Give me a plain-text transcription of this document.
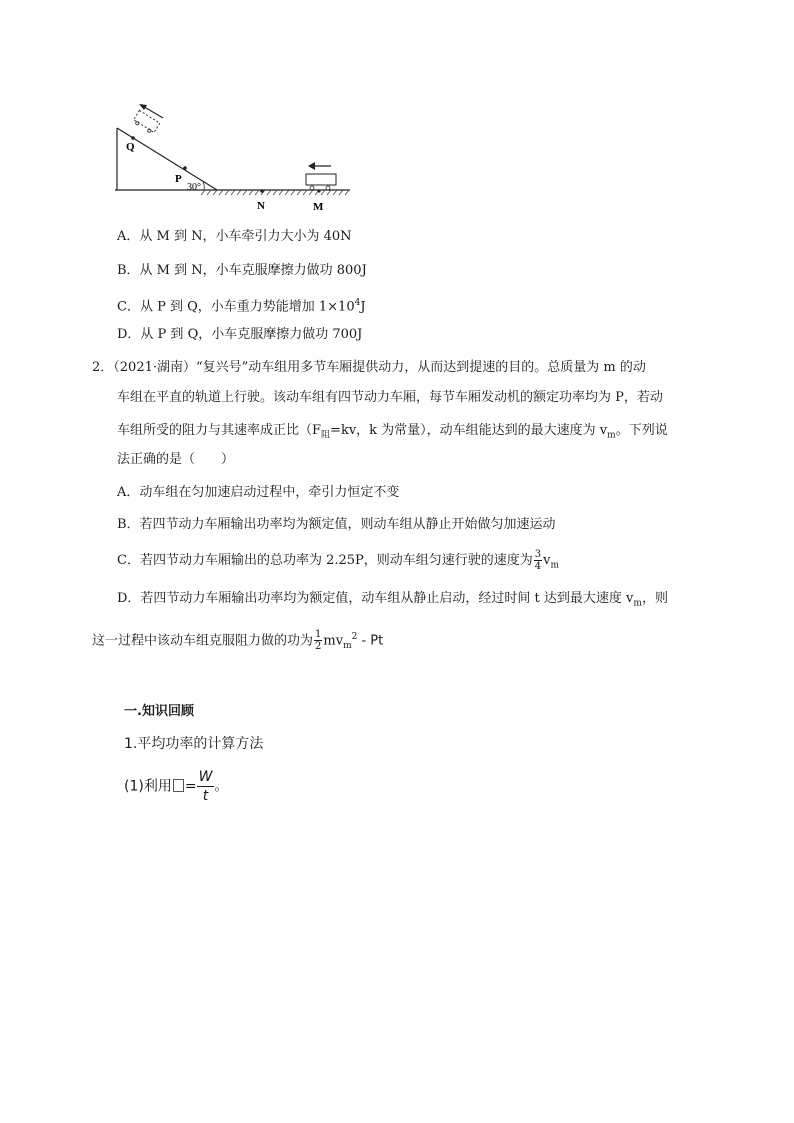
Q
P
30°
N	M
A．从 M 到 N，小车牵引力大小为 40N
B．从 M 到 N，小车克服摩擦力做功 800J
C．从 P 到 Q，小车重力势能增加 $1\times 10^4J$
D．从 P 到 Q，小车克服摩擦力做功 700J
2．（2021·湖南）“复兴号”动车组用多节车厢提供动力，从而达到提速的目的。总质量为 m 的动
车组在平直的轨道上行驶。该动车组有四节动力车厢，每节车厢发动机的额定功率均为 P，若动
车组所受的阻力与其速率成正比（$F_阻=kv$，k 为常量），动车组能达到的最大速度为 $v_m$。下列说
法正确的是（　　）
A．动车组在匀加速启动过程中，牵引力恒定不变
B．若四节动力车厢输出功率均为额定值，则动车组从静止开始做匀加速运动
C．若四节动力车厢输出的总功率为 2.25P，则动车组匀速行驶的速度为 $\frac{3}{4} v_m$
D．若四节动力车厢输出功率均为额定值，动车组从静止启动，经过时间 t 达到最大速度 $v_m$，则
这一过程中该动车组克服阻力做的功为 $\frac{1}{2} mv_m^2$ - Pt
一.知识回顾
1.平均功率的计算方法
(1)利用 = $\frac{W}{t}$ 。
